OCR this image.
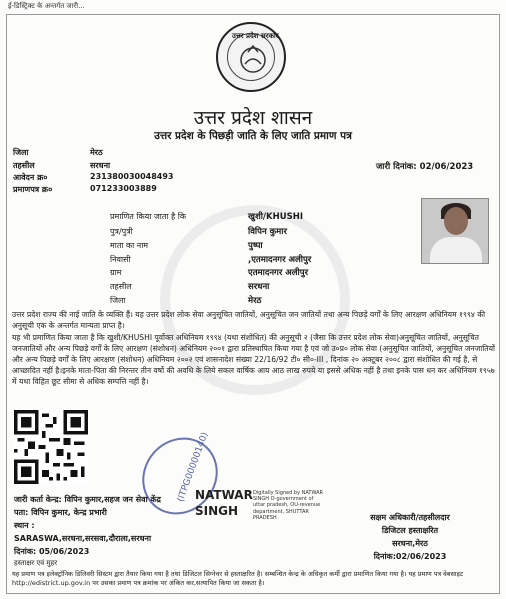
ई-डिस्ट्रिक्ट के अन्तर्गत जारी...
उत्तर प्रदेश सरकार
उत्तर प्रदेश शासन
उत्तर प्रदेश के पिछड़ी जाति के लिए जाति प्रमाण पत्र
जिला	मेरठ
तहसील	सरधना
आवेदन क्र०	231380030048493
प्रमाणपत्र क्र०	071233003889
जारी दिनांक: 02/06/2023
प्रमाणित किया जाता है कि	खुशी/KHUSHI
पुत्र/पुत्री	विपिन कुमार
माता का नाम	पुष्पा
निवासी	,एतमादनगर अलीपुर
ग्राम	एतमादनगर अलीपुर
तहसील	सरधना
जिला	मेरठ
उत्तर प्रदेश राज्य की नाई जाति के व्यक्ति हैं। यह उत्तर प्रदेश लोक सेवा अनुसूचित जातियों, अनुसूचित जन जातियों तथा अन्य पिछड़े वर्गों के लिए आरक्षण अधिनियम १९९४ की अनुसूची एक के अन्तर्गत मान्यता प्राप्त है।
यह भी प्रमाणित किया जाता है कि खुशी/KHUSHI पूर्वोक्त अधिनियम १९९४ (यथा संशोधित) की अनुसूची २ (जैसा कि उत्तर प्रदेश लोक सेवा)अनुसूचित जातियों, अनुसूचित जनजातियों और अन्य पिछड़े वर्गों के लिए आरक्षण (संशोधन) अधिनियम २००१ द्वारा प्रतिस्थापित किया गया है एवं जो उ०प्र० लोक सेवा (अनुसूचित जातियों, अनुसूचित जनजातियों और अन्य पिछड़े वर्गों के लिए आरक्षण (संशोधन) अधिनियम २००२ एवं शासनादेश संख्या 22/16/92 टी० सी०-III , दिनांक २० अक्टूबर २००८ द्वारा संशोधित की गई है, से आच्छादित नहीं है।इनके माता-पिता की निरन्तर तीन वर्षो की अवधि के लिये सकल वार्षिक आय आठ लाख रुपये या इससे अधिक नहीं है तथा इनके पास धन कर अधिनियम १९५७ में यथा विहित छूट सीमा से अधिक सम्पत्ति नहीं है।
(ITPG00000140)
जारी कर्ता केन्द्र: विपिन कुमार,सहज जन सेवा केंद्र
पता: विपिन कुमार, केन्द्र प्रभारी
स्थान :
SARASWA,सरधना,सरसवा,दौराला,सरधना
दिनांक: 05/06/2023
हस्ताक्षर एवं मुहर
NATWAR SINGH
Digitally Signed by NATWAR SINGH O-government of uttar pradesh, OU-revenue department, SHUTTAR PRADESH	सक्षम अधिकारी/तहसीलदार
डिजिटल हस्ताक्षरित
सरधना,मेरठ
दिनांक:02/06/2023
यह प्रमाण पत्र इलेक्ट्रॉनिक डिलिवरी सिस्टम द्वारा तैयार किया गया है तथा डिजिटल सिग्नेचर से हस्ताक्षरित है। सम्बन्धित केन्द्र के अधिकृत कर्मी द्वारा प्रमाणित किया गया है। यह प्रमाण पत्र वेबसाइट http://edistrict.up.gov.in पर उसका प्रमाण पत्र क्रमांक पर अंकित कर,सत्यापित किया जा सकता है।
